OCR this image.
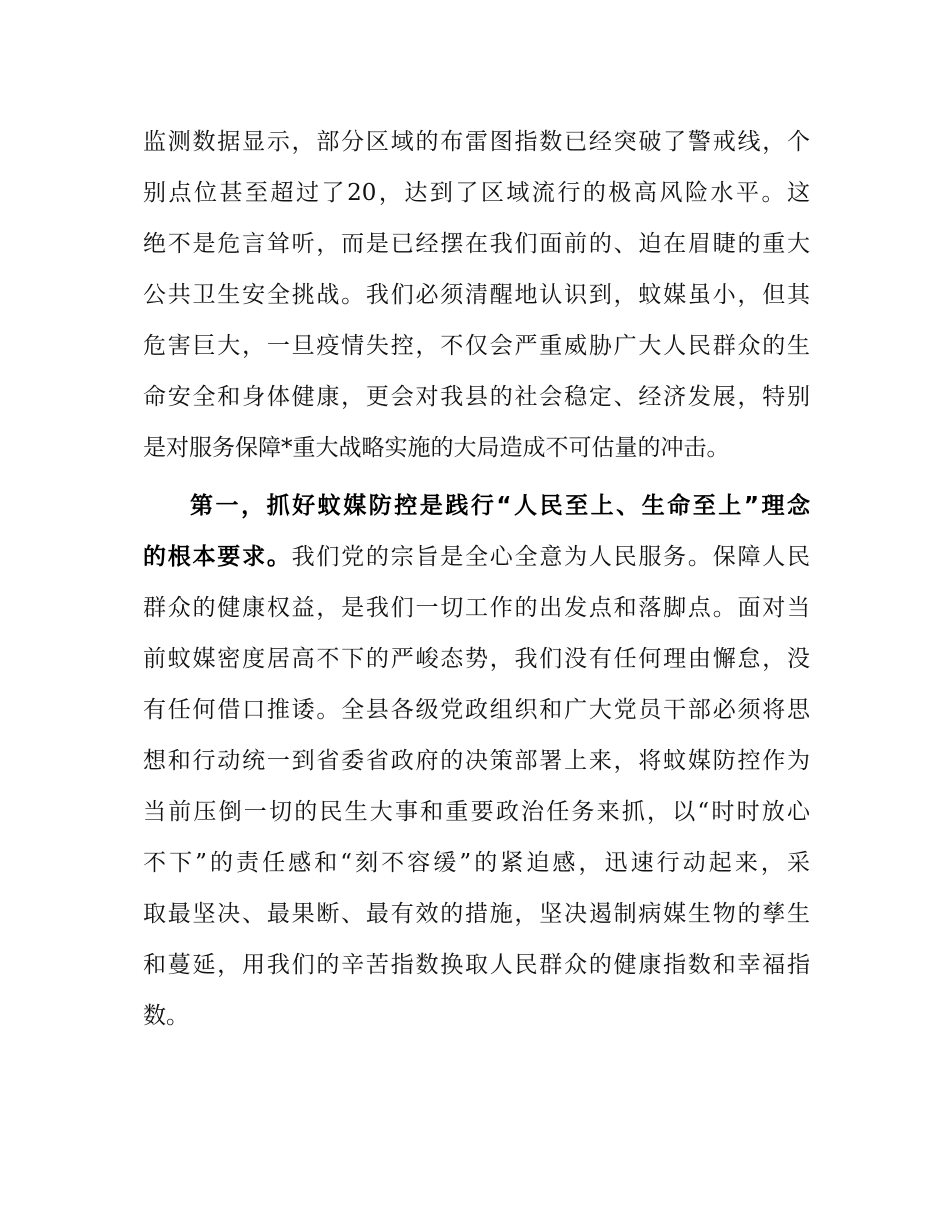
监测数据显示，部分区域的布雷图指数已经突破了警戒线，个
别点位甚至超过了20，达到了区域流行的极高风险水平。这
绝不是危言耸听，而是已经摆在我们面前的、迫在眉睫的重大
公共卫生安全挑战。我们必须清醒地认识到，蚊媒虽小，但其
危害巨大，一旦疫情失控，不仅会严重威胁广大人民群众的生
命安全和身体健康，更会对我县的社会稳定、经济发展，特别
是对服务保障*重大战略实施的大局造成不可估量的冲击。
第一，抓好蚊媒防控是践行“人民至上、生命至上”理念
的根本要求。我们党的宗旨是全心全意为人民服务。保障人民
群众的健康权益，是我们一切工作的出发点和落脚点。面对当
前蚊媒密度居高不下的严峻态势，我们没有任何理由懈怠，没
有任何借口推诿。全县各级党政组织和广大党员干部必须将思
想和行动统一到省委省政府的决策部署上来，将蚊媒防控作为
当前压倒一切的民生大事和重要政治任务来抓，以“时时放心
不下”的责任感和“刻不容缓”的紧迫感，迅速行动起来，采
取最坚决、最果断、最有效的措施，坚决遏制病媒生物的孳生
和蔓延，用我们的辛苦指数换取人民群众的健康指数和幸福指
数。
